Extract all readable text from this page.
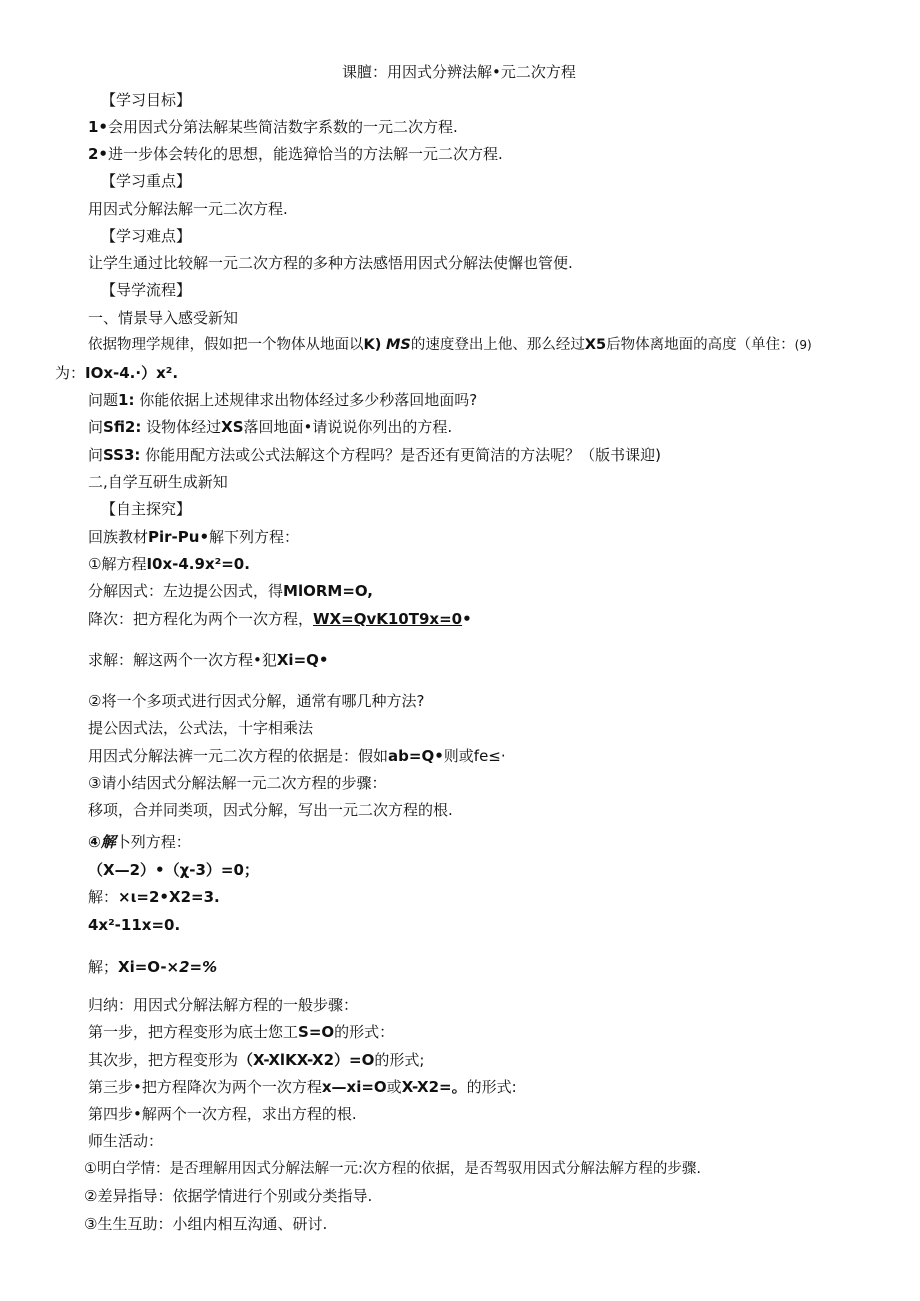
课膻：用因式分辨法解•元二次方程
【学习目标】
1•会用因式分第法解某些简洁数字系数的一元二次方程.
2•进一步体会转化的思想，能选獐恰当的方法解一元二次方程.
【学习重点】
用因式分解法解一元二次方程.
【学习难点】
让学生通过比较解一元二次方程的多种方法感悟用因式分解法使懈也管便.
【导学流程】
一、情景导入感受新知
依据物理学规律，假如把一个物体从地面以K) MS的速度登出上他、那么经过X5后物体离地面的高度（单住：(9)
为：IOx-4.·）x².
问题1: 你能依据上述规律求出物体经过多少秒落回地面吗?
问Sfi2: 设物体经过XS落回地面•请说说你列出的方程.
问SS3: 你能用配方法或公式法解这个方程吗？是否还有更简洁的方法呢？（版书课迎)
二,自学互研生成新知
【自主探究】
回族教材Pir-Pu•解下列方程：
①解方程I0x-4.9x²=0.
分解因式：左边提公因式，得MlORM=O,
降次：把方程化为两个一次方程，WX=QvK10T9x=0•
求解：解这两个一次方程•犯Xi=Q•
②将一个多项式进行因式分解，通常有哪几种方法?
提公因式法，公式法，十字相乘法
用因式分解法裤一元二次方程的依据是：假如ab=Q•则或fe≤·
③请小结因式分解法解一元二次方程的步骤：
移项，合并同类项，因式分解，写出一元二次方程的根.
④解卜列方程：
（X—2）•（χ-3）=0；
解：×ι=2•X2=3.
4x²-11x=0.
解；Xi=O-×2=%
归纳：用因式分解法解方程的一般步骤：
第一步，把方程变形为底士您工S=O的形式：
其次步，把方程变形为（X-XlKX-X2）=O的形式;
第三步•把方程降次为两个一次方程x—xi=O或X-X2=。的形式:
第四步•解两个一次方程，求出方程的根.
师生活动：
①明白学情：是否理解用因式分解法解一元:次方程的依据，是否驾驭用因式分解法解方程的步骤.
②差异指导：依据学情进行个别或分类指导.
③生生互助：小组内相互沟通、研讨.
